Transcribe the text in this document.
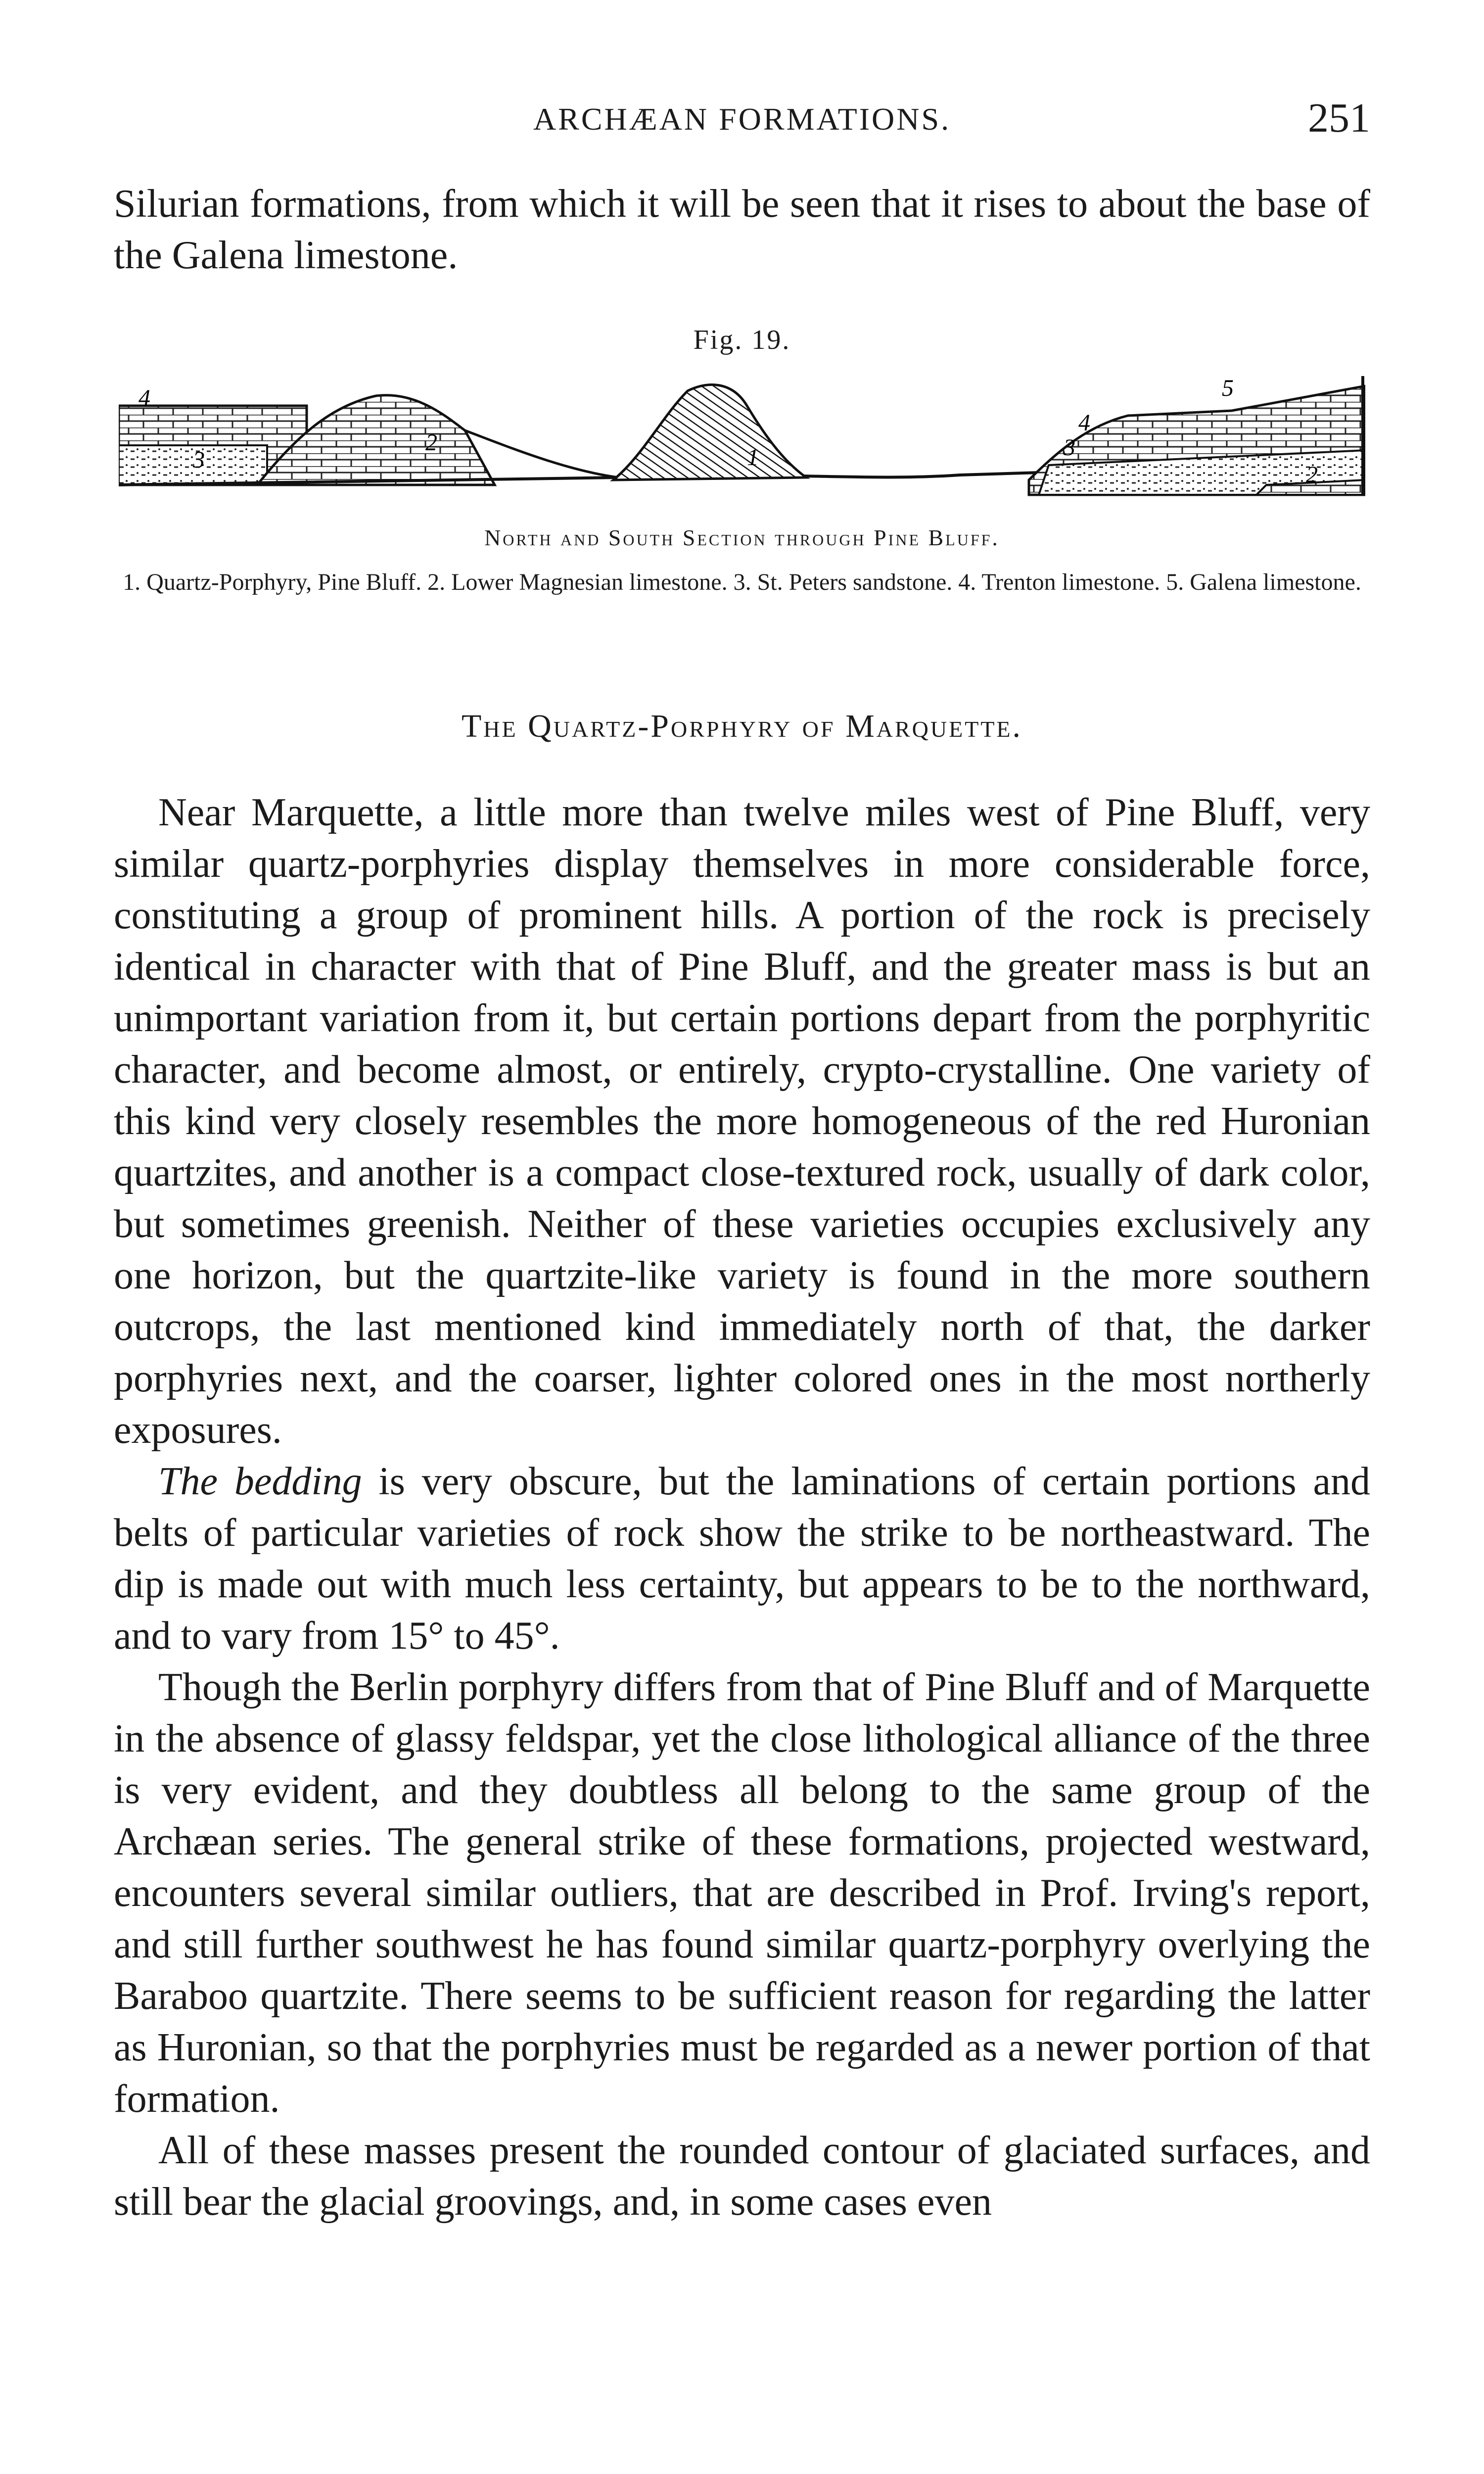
ARCHÆAN FORMATIONS.	251
Silurian formations, from which it will be seen that it rises to about the base of the Galena limestone.
Fig. 19.
4
3
2
1
4
3
5
2
North and South Section through Pine Bluff.
1. Quartz-Porphyry, Pine Bluff. 2. Lower Magnesian limestone. 3. St. Peters sandstone. 4. Trenton limestone. 5. Galena limestone.
The Quartz-Porphyry of Marquette.

Near Marquette, a little more than twelve miles west of Pine Bluff, very similar quartz-porphyries display themselves in more considerable force, constituting a group of prominent hills. A portion of the rock is precisely identical in character with that of Pine Bluff, and the greater mass is but an unimportant variation from it, but certain portions depart from the porphyritic character, and become almost, or entirely, crypto-crystalline. One variety of this kind very closely resembles the more homogeneous of the red Huronian quartzites, and another is a compact close-textured rock, usually of dark color, but sometimes greenish. Neither of these varieties occupies exclusively any one horizon, but the quartzite-like variety is found in the more southern outcrops, the last mentioned kind immediately north of that, the darker porphyries next, and the coarser, lighter colored ones in the most northerly exposures.

The bedding is very obscure, but the laminations of certain portions and belts of particular varieties of rock show the strike to be northeastward. The dip is made out with much less certainty, but appears to be to the northward, and to vary from 15° to 45°.

Though the Berlin porphyry differs from that of Pine Bluff and of Marquette in the absence of glassy feldspar, yet the close lithological alliance of the three is very evident, and they doubtless all belong to the same group of the Archæan series. The general strike of these formations, projected westward, encounters several similar outliers, that are described in Prof. Irving's report, and still further southwest he has found similar quartz-porphyry overlying the Baraboo quartzite. There seems to be sufficient reason for regarding the latter as Huronian, so that the porphyries must be regarded as a newer portion of that formation.

All of these masses present the rounded contour of glaciated surfaces, and still bear the glacial groovings, and, in some cases even
